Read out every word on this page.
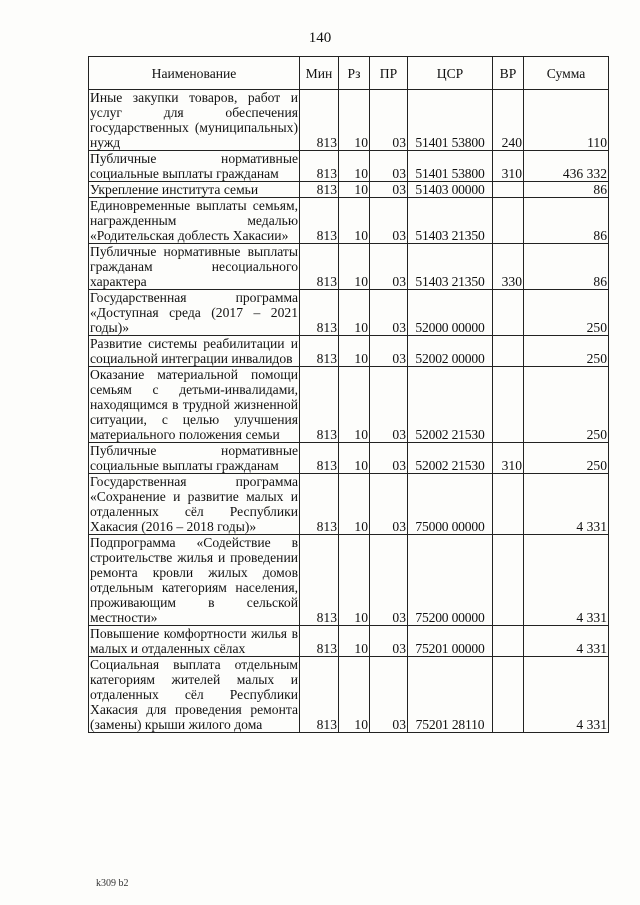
140
Наименование	Мин	Рз	ПР	ЦСР	ВР	Сумма
Иные закупки товаров, работ и услуг для обеспечения государственных (муниципальных) нужд	813	10	03	51401 53800	240	110
Публичные нормативные социальные выплаты гражданам	813	10	03	51401 53800	310	436 332
Укрепление института семьи	813	10	03	51403 00000		86
Единовременные выплаты семьям, награжденным медалью «Родительская доблесть Хакасии»	813	10	03	51403 21350		86
Публичные нормативные выплаты гражданам несоциального характера	813	10	03	51403 21350	330	86
Государственная программа «Доступная среда (2017 – 2021 годы)»	813	10	03	52000 00000		250
Развитие системы реабилитации и социальной интеграции инвалидов	813	10	03	52002 00000		250
Оказание материальной помощи семьям с детьми-инвалидами, находящимся в трудной жизненной ситуации, с целью улучшения материального положения семьи	813	10	03	52002 21530		250
Публичные нормативные социальные выплаты гражданам	813	10	03	52002 21530	310	250
Государственная программа «Сохранение и развитие малых и отдаленных сёл Республики Хакасия (2016 – 2018 годы)»	813	10	03	75000 00000		4 331
Подпрограмма «Содействие в строительстве жилья и проведении ремонта кровли жилых домов отдельным категориям населения, проживающим в сельской местности»	813	10	03	75200 00000		4 331
Повышение комфортности жилья в малых и отдаленных сёлах	813	10	03	75201 00000		4 331
Социальная выплата отдельным категориям жителей малых и отдаленных сёл Республики Хакасия для проведения ремонта (замены) крыши жилого дома	813	10	03	75201 28110		4 331
k309 b2
